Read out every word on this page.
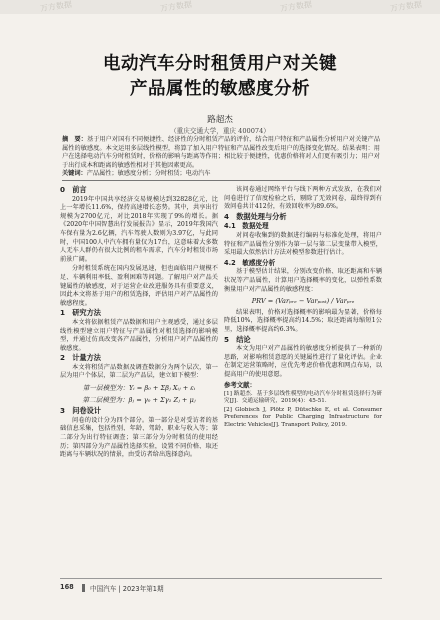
万方数据	万方数据	万方数据	万方数据
电动汽车分时租赁用户对关键
产品属性的敏感度分析
路超杰
（重庆交通大学，重庆 400074）
摘　要：基于用户对国有不同便捷性、经济性的分时租赁产品的评价，结合用户特征和产品属性分析用户对关键产品属性的敏感度。本文运用多层线性模型，将算了加入用户特征和产品属性改变后用户的选择变化情况。结果表明：用户在选择电动汽车分时租赁时，价格的影响与距离等作用；相比较于便捷性，优惠价格将对人们更有吸引力；用户对于出行成本和距离的敏感性相对于其他因素更高。
关键词：产品属性；敏感度分析；分时租赁；电动汽车

0　前言

2019年中国共享经济交易规模达到32828亿元，比上一年增长11.6%，保持高速增长态势。其中，共享出行规模为2700亿元，对比2018年实现了9%的增长。据《2020年中国智慧出行发展报告》显示，2019年我国汽车保有量为2.6亿辆，汽车驾驶人数则为3.97亿，与此同时，中国100人中汽车拥有量仅为17台，这意味着大多数人无车人群仍有很大比例的租车需求，汽车分时租赁市场前景广阔。

分时租赁系统在国内发展迅速，但也面临用户规模不足、车辆利用率低、盈利困难等问题。了解用户对产品关键属性的敏感度，对于运营企业改进服务具有重要意义，因此本文将基于用户的租赁选择，评估用户对产品属性的敏感程度。

1　研究方法

本文将依据租赁产品数据和用户主观感受，通过多层线性模型建立用户特征与产品属性对租赁选择的影响模型，并通过仿真改变各产品属性，分析用户对产品属性的敏感度。

2　计量方法

本文将租赁产品数据及调查数据分为两个层次，第一层为用户个体层，第二层为产品层，建立如下模型：

第一层模型为：Yᵢ = β₀ + Σβⱼ Xᵢⱼ + εᵢ

第二层模型为：βⱼ = γ₀ + Σγ₁ Zⱼ + μⱼ

3　问卷设计

问卷的设计分为四个部分。第一部分是对受访者的基础信息采集，包括性别、年龄、驾龄、职业与收入等；第二部分为出行特征调查；第三部分为分时租赁的使用经历；第四部分为产品属性选择实验，设置不同价格、取还距离与车辆状况的情景，由受访者给出选择意向。

该问卷通过网络平台与线下两种方式发放，在我们对问卷进行了信度检验之后，剔除了无效问卷，最终得到有效问卷共计412份，有效回收率为89.6%。

4　数据处理与分析

4.1　数据处理

对问卷收集到的数据进行编码与标准化处理，将用户特征和产品属性分别作为第一层与第二层变量带入模型，采用最大似然估计方法对模型参数进行估计。

4.2　敏感度分析

基于模型估计结果，分别改变价格、取还距离和车辆状况等产品属性，计算用户选择概率的变化，以弹性系数衡量用户对产品属性的敏感程度：

PRV = (Varₚᵣₑ − Varₚₒₛₜ) / Varₚᵣₑ

结果表明，价格对选择概率的影响最为显著，价格每降低10%，选择概率提高约14.5%；取还距离每缩短1公里，选择概率提高约6.3%。

5　结论

本文为用户对产品属性的敏感度分析提供了一种新的思路，对影响租赁意愿的关键属性进行了量化评估。企业在制定运营策略时，应优先考虑价格优惠和网点布局，以提高用户的使用意愿。

参考文献：

[1] 路超杰．基于多层线性模型的电动汽车分时租赁选择行为研究[J]．交通运输研究，2019(4)：45-51．

[2] Globisch J, Plötz P, Dütschke E, et al. Consumer Preferences for Public Charging Infrastructure for Electric Vehicles[J]. Transport Policy, 2019.

168 中国汽车 | 2023年第1期
